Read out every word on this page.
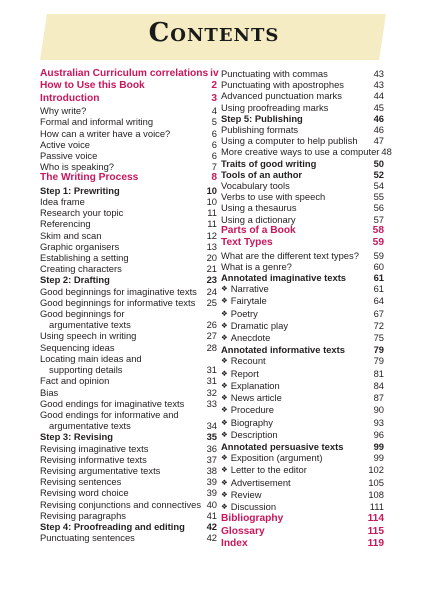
Contents
Australian Curriculum correlations iv
How to Use this Book	2
Introduction	3
Why write?	4
Formal and informal writing	5
How can a writer have a voice?	6
Active voice	6
Passive voice	6
Who is speaking?	7
The Writing Process	8
Step 1: Prewriting	10
Idea frame	10
Research your topic	11
Referencing	11
Skim and scan	12
Graphic organisers	13
Establishing a setting	20
Creating characters	21
Step 2: Drafting	23
Good beginnings for imaginative texts	24
Good beginnings for informative texts	25
Good beginnings for
argumentative texts	26
Using speech in writing	27
Sequencing ideas	28
Locating main ideas and
supporting details	31
Fact and opinion	31
Bias	32
Good endings for imaginative texts	33
Good endings for informative and
argumentative texts	34
Step 3: Revising	35
Revising imaginative texts	36
Revising informative texts	37
Revising argumentative texts	38
Revising sentences	39
Revising word choice	39
Revising conjunctions and connectives 40
Revising paragraphs	41
Step 4: Proofreading and editing	42
Punctuating sentences	42
Punctuating with commas	43
Punctuating with apostrophes	43
Advanced punctuation marks	44
Using proofreading marks	45
Step 5: Publishing	46
Publishing formats	46
Using a computer to help publish	47
More creative ways to use a computer 48
Traits of good writing	50
Tools of an author	52
Vocabulary tools	54
Verbs to use with speech	55
Using a thesaurus	56
Using a dictionary	57
Parts of a Book	58
Text Types	59
What are the different text types?	59
What is a genre?	60
Annotated imaginative texts	61
❖ Narrative	61
❖ Fairytale	64
❖ Poetry	67
❖ Dramatic play	72
❖ Anecdote	75
Annotated informative texts	79
❖ Recount	79
❖ Report	81
❖ Explanation	84
❖ News article	87
❖ Procedure	90
❖ Biography	93
❖ Description	96
Annotated persuasive texts	99
❖ Exposition (argument)	99
❖ Letter to the editor	102
❖ Advertisement	105
❖ Review	108
❖ Discussion	111
Bibliography	114
Glossary	115
Index	119
